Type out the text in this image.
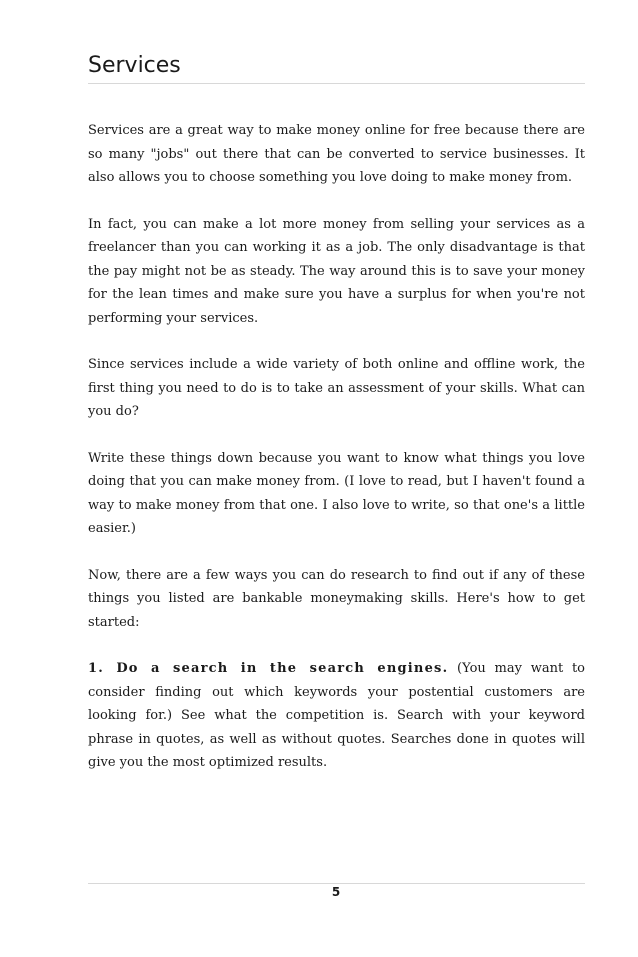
Services

Services are a great way to make money online for free because there are so many "jobs" out there that can be converted to service businesses. It also allows you to choose something you love doing to make money from.

In fact, you can make a lot more money from selling your services as a freelancer than you can working it as a job. The only disadvantage is that the pay might not be as steady. The way around this is to save your money for the lean times and make sure you have a surplus for when you're not performing your services.

Since services include a wide variety of both online and offline work, the first thing you need to do is to take an assessment of your skills. What can you do?

Write these things down because you want to know what things you love doing that you can make money from. (I love to read, but I haven't found a way to make money from that one. I also love to write, so that one's a little easier.)

Now, there are a few ways you can do research to find out if any of these things you listed are bankable moneymaking skills. Here's how to get started:

1. Do a search in the search engines. (You may want to consider finding out which keywords your postential customers are looking for.) See what the competition is. Search with your keyword phrase in quotes, as well as without quotes. Searches done in quotes will give you the most optimized results.

5
